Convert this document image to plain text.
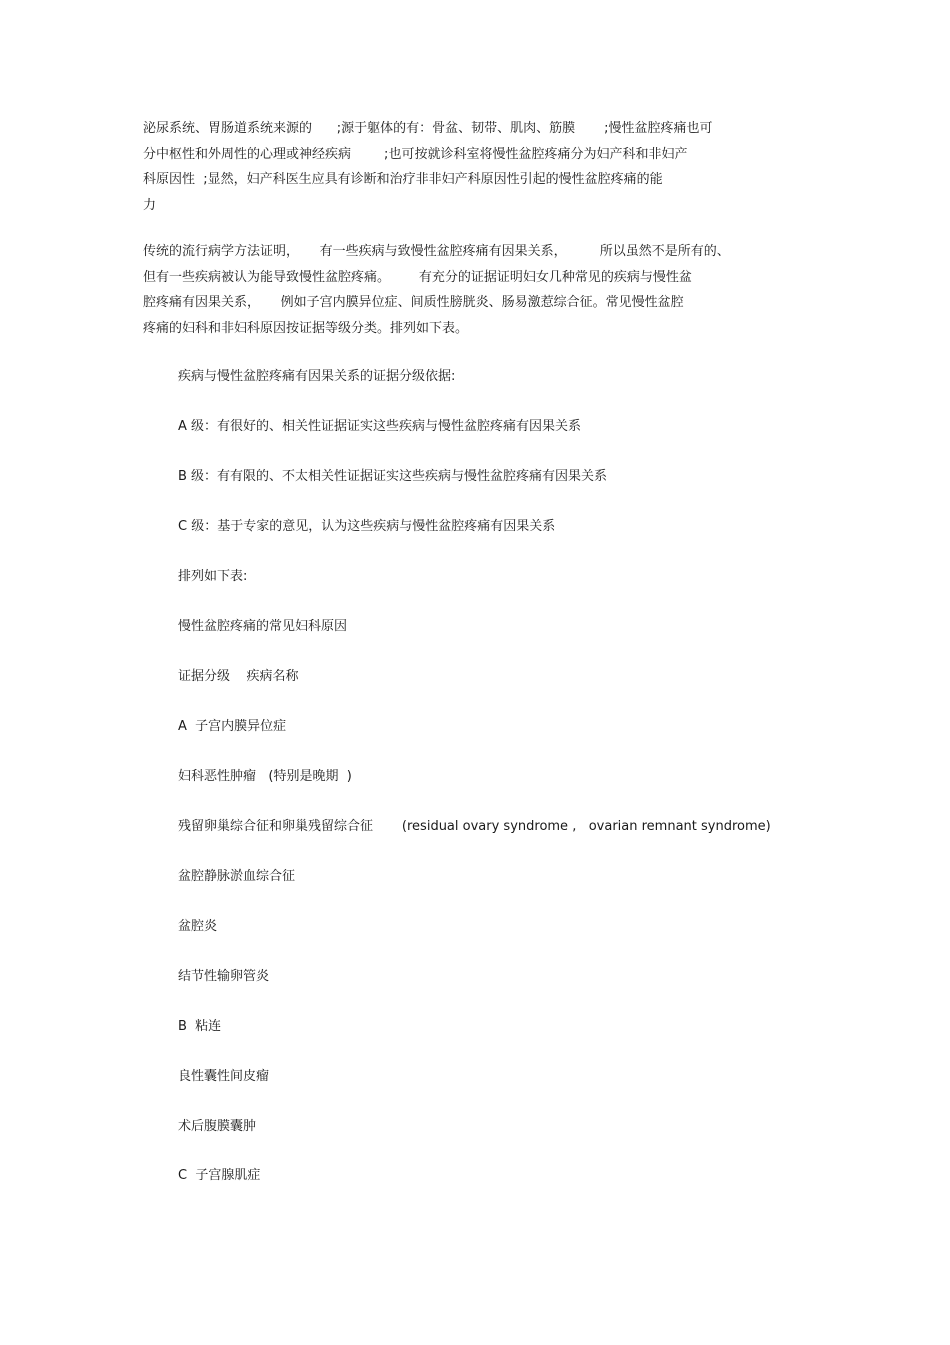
泌尿系统、胃肠道系统来源的      ;源于躯体的有：骨盆、韧带、肌肉、筋膜       ;慢性盆腔疼痛也可
分中枢性和外周性的心理或神经疾病        ;也可按就诊科室将慢性盆腔疼痛分为妇产科和非妇产
科原因性  ;显然，妇产科医生应具有诊断和治疗非非妇产科原因性引起的慢性盆腔疼痛的能
力
传统的流行病学方法证明，     有一些疾病与致慢性盆腔疼痛有因果关系，        所以虽然不是所有的、
但有一些疾病被认为能导致慢性盆腔疼痛。       有充分的证据证明妇女几种常见的疾病与慢性盆
腔疼痛有因果关系，     例如子宫内膜异位症、间质性膀胱炎、肠易激惹综合征。常见慢性盆腔
疼痛的妇科和非妇科原因按证据等级分类。排列如下表。

疾病与慢性盆腔疼痛有因果关系的证据分级依据:

A 级：有很好的、相关性证据证实这些疾病与慢性盆腔疼痛有因果关系

B 级：有有限的、不太相关性证据证实这些疾病与慢性盆腔疼痛有因果关系

C 级：基于专家的意见，认为这些疾病与慢性盆腔疼痛有因果关系

排列如下表:

慢性盆腔疼痛的常见妇科原因

证据分级    疾病名称

A  子宫内膜异位症

妇科恶性肿瘤   (特别是晚期  )

残留卵巢综合征和卵巢残留综合征       (residual ovary syndrome ,   ovarian remnant syndrome)

盆腔静脉淤血综合征

盆腔炎

结节性输卵管炎

B  粘连

良性囊性间皮瘤

术后腹膜囊肿

C  子宫腺肌症
